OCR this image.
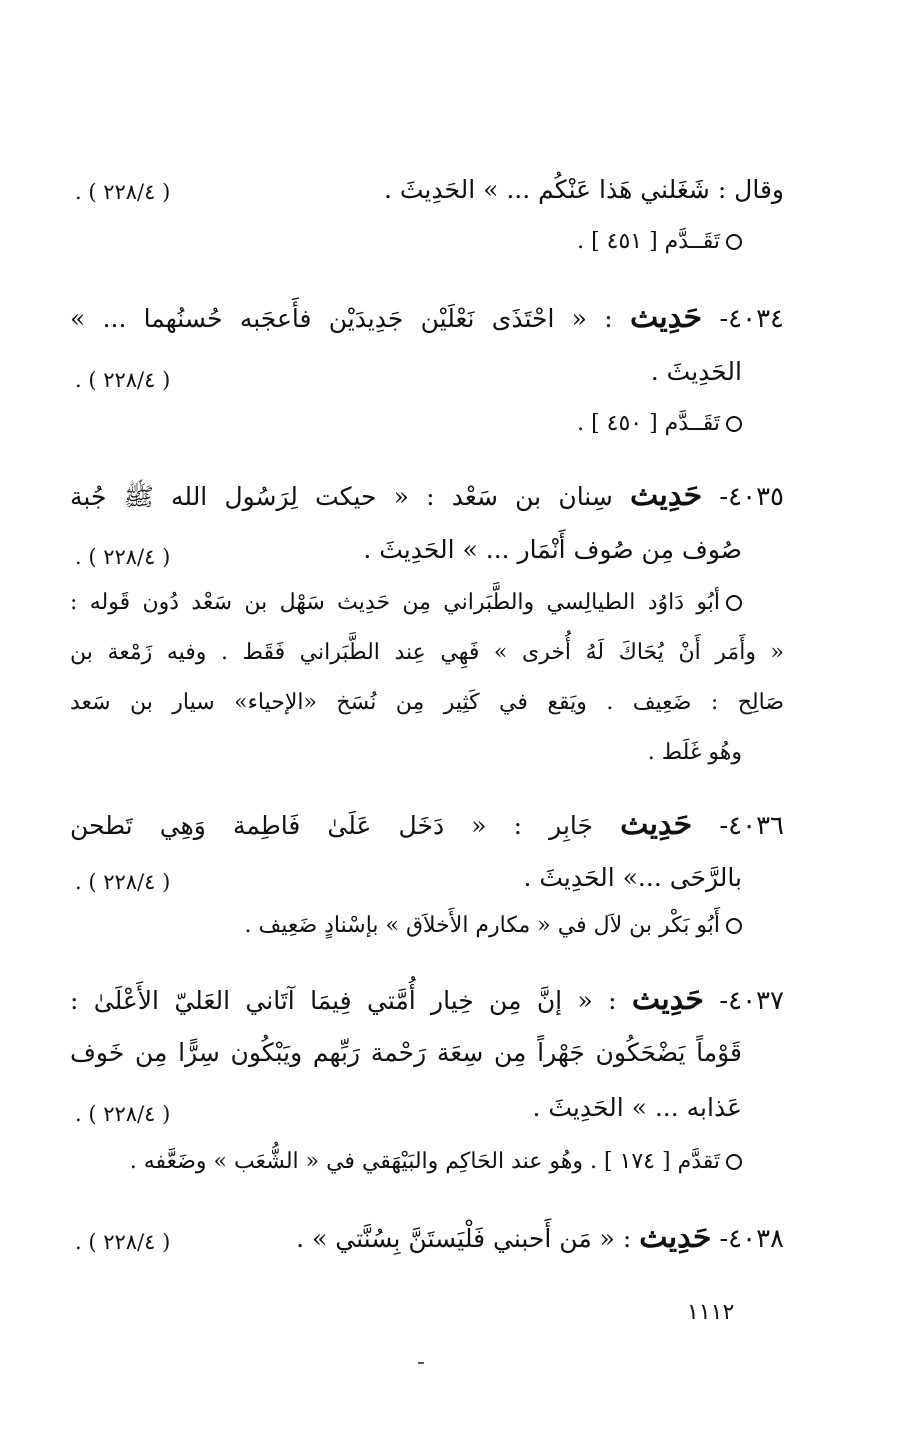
وقال : شَغَلني هَذا عَنْكُم ... » الحَدِيثَ .
( ٢٢٨/٤ ) .
تَقَــدَّم [ ٤٥١ ] .
٤٠٣٤- حَدِيث : « احْتَذَى نَعْلَيْن جَدِيدَيْن فأَعجَبه حُسنُهما ... »
الحَدِيثَ .
( ٢٢٨/٤ ) .
تَقَــدَّم [ ٤٥٠ ] .
٤٠٣٥- حَدِيث سِنان بن سَعْد : « حيكت لِرَسُول الله ﷺ جُبة
صُوف مِن صُوف أَنْمَار ... » الحَدِيثَ .
( ٢٢٨/٤ ) .
أبُو دَاوُد الطيالِسي والطَّبَراني مِن حَدِيث سَهْل بن سَعْد دُون قَوله :
« وأَمَر أَنْ يُحَاكَ لَهُ أُخرى » فَهِي عِند الطَّبَراني فَقَط . وفيه زَمْعة بن
صَالِح : ضَعِيف . ويَقع في كَثِير مِن نُسَخ «الإحياء» سيار بن سَعد
وهُو غَلَط .
٤٠٣٦- حَدِيث جَابِر : « دَخَل عَلَىٰ فَاطِمة وَهِي تَطحن
بالرَّحَى ...» الحَدِيثَ .
( ٢٢٨/٤ ) .
أَبُو بَكْر بن لاَل في « مكارم الأَخلاَق » بإسْنادٍ ضَعِيف .
٤٠٣٧- حَدِيث : « إنَّ مِن خِيار أُمَّتي فِيمَا آتَاني العَليّ الأَعْلَىٰ :
قَوْماً يَضْحَكُون جَهْراً مِن سِعَة رَحْمة رَبِّهم ويَبْكُون سِرًّا مِن خَوف
عَذابه ... » الحَدِيثَ .
( ٢٢٨/٤ ) .
تَقدَّم [ ١٧٤ ] . وهُو عند الحَاكِم والبَيْهَقي في « الشُّعَب » وضَعَّفه .
٤٠٣٨- حَدِيث : « مَن أَحبني فَلْيَستَنَّ بِسُنَّتي » .
( ٢٢٨/٤ ) .
١١١٢
